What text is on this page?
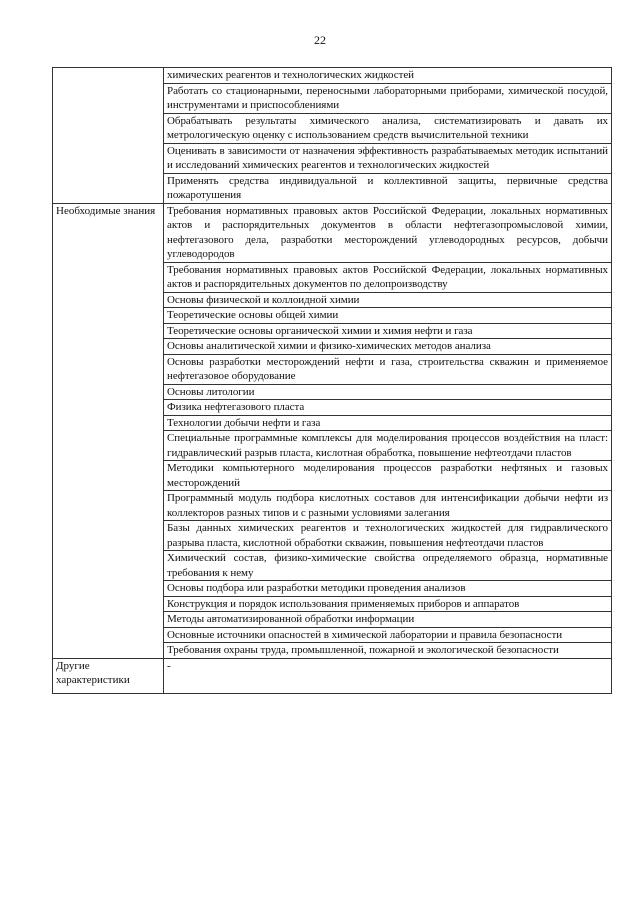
22
	химических реагентов и технологических жидкостей
	Работать со стационарными, переносными лабораторными приборами, химической посудой, инструментами и приспособлениями
	Обрабатывать результаты химического анализа, систематизировать и давать их метрологическую оценку с использованием средств вычислительной техники
	Оценивать в зависимости от назначения эффективность разрабатываемых методик испытаний и исследований химических реагентов и технологических жидкостей
	Применять средства индивидуальной и коллективной защиты, первичные средства пожаротушения
Необходимые знания	Требования нормативных правовых актов Российской Федерации, локальных нормативных актов и распорядительных документов в области нефтегазопромысловой химии, нефтегазового дела, разработки месторождений углеводородных ресурсов, добычи углеводородов
	Требования нормативных правовых актов Российской Федерации, локальных нормативных актов и распорядительных документов по делопроизводству
	Основы физической и коллоидной химии
	Теоретические основы общей химии
	Теоретические основы органической химии и химия нефти и газа
	Основы аналитической химии и физико-химических методов анализа
	Основы разработки месторождений нефти и газа, строительства скважин и применяемое нефтегазовое оборудование
	Основы литологии
	Физика нефтегазового пласта
	Технологии добычи нефти и газа
	Специальные программные комплексы для моделирования процессов воздействия на пласт: гидравлический разрыв пласта, кислотная обработка, повышение нефтеотдачи пластов
	Методики компьютерного моделирования процессов разработки нефтяных и газовых месторождений
	Программный модуль подбора кислотных составов для интенсификации добычи нефти из коллекторов разных типов и с разными условиями залегания
	Базы данных химических реагентов и технологических жидкостей для гидравлического разрыва пласта, кислотной обработки скважин, повышения нефтеотдачи пластов
	Химический состав, физико-химические свойства определяемого образца, нормативные требования к нему
	Основы подбора или разработки методики проведения анализов
	Конструкция и порядок использования применяемых приборов и аппаратов
	Методы автоматизированной обработки информации
	Основные источники опасностей в химической лаборатории и правила безопасности
	Требования охраны труда, промышленной, пожарной и экологической безопасности
Другие характеристики	-
